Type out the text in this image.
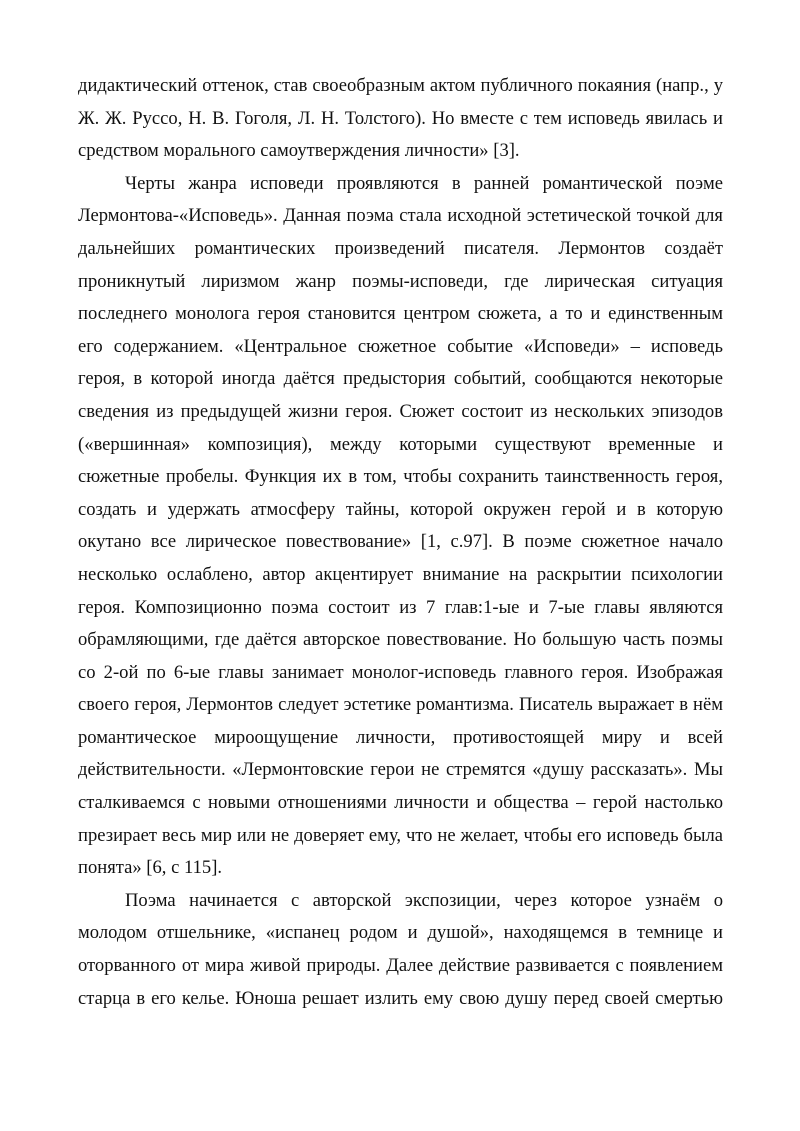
дидактический оттенок, став своеобразным актом публичного покаяния (напр., у Ж. Ж. Руссо, Н. В. Гоголя, Л. Н. Толстого). Но вместе с тем исповедь явилась и средством морального самоутверждения личности» [3].

Черты жанра исповеди проявляются в ранней романтической поэме Лермонтова-«Исповедь». Данная поэма стала исходной эстетической точкой для дальнейших романтических произведений писателя. Лермонтов создаёт проникнутый лиризмом жанр поэмы-исповеди, где лирическая ситуация последнего монолога героя становится центром сюжета, а то и единственным его содержанием. «Центральное сюжетное событие «Исповеди» – исповедь героя, в которой иногда даётся предыстория событий, сообщаются некоторые сведения из предыдущей жизни героя. Сюжет состоит из нескольких эпизодов («вершинная» композиция), между которыми существуют временные и сюжетные пробелы. Функция их в том, чтобы сохранить таинственность героя, создать и удержать атмосферу тайны, которой окружен герой и в которую окутано все лирическое повествование» [1, с.97]. В поэме сюжетное начало несколько ослаблено, автор акцентирует внимание на раскрытии психологии героя. Композиционно поэма состоит из 7 глав:1-ые и 7-ые главы являются обрамляющими, где даётся авторское повествование. Но большую часть поэмы со 2-ой по 6-ые главы занимает монолог-исповедь главного героя. Изображая своего героя, Лермонтов следует эстетике романтизма. Писатель выражает в нём романтическое мироощущение личности, противостоящей миру и всей действительности. «Лермонтовские герои не стремятся «душу рассказать». Мы сталкиваемся с новыми отношениями личности и общества – герой настолько презирает весь мир или не доверяет ему, что не желает, чтобы его исповедь была понята» [6, с 115].

Поэма начинается с авторской экспозиции, через которое узнаём о молодом отшельнике, «испанец родом и душой», находящемся в темнице и оторванного от мира живой природы. Далее действие развивается с появлением старца в его келье. Юноша решает излить ему свою душу перед своей смертью
